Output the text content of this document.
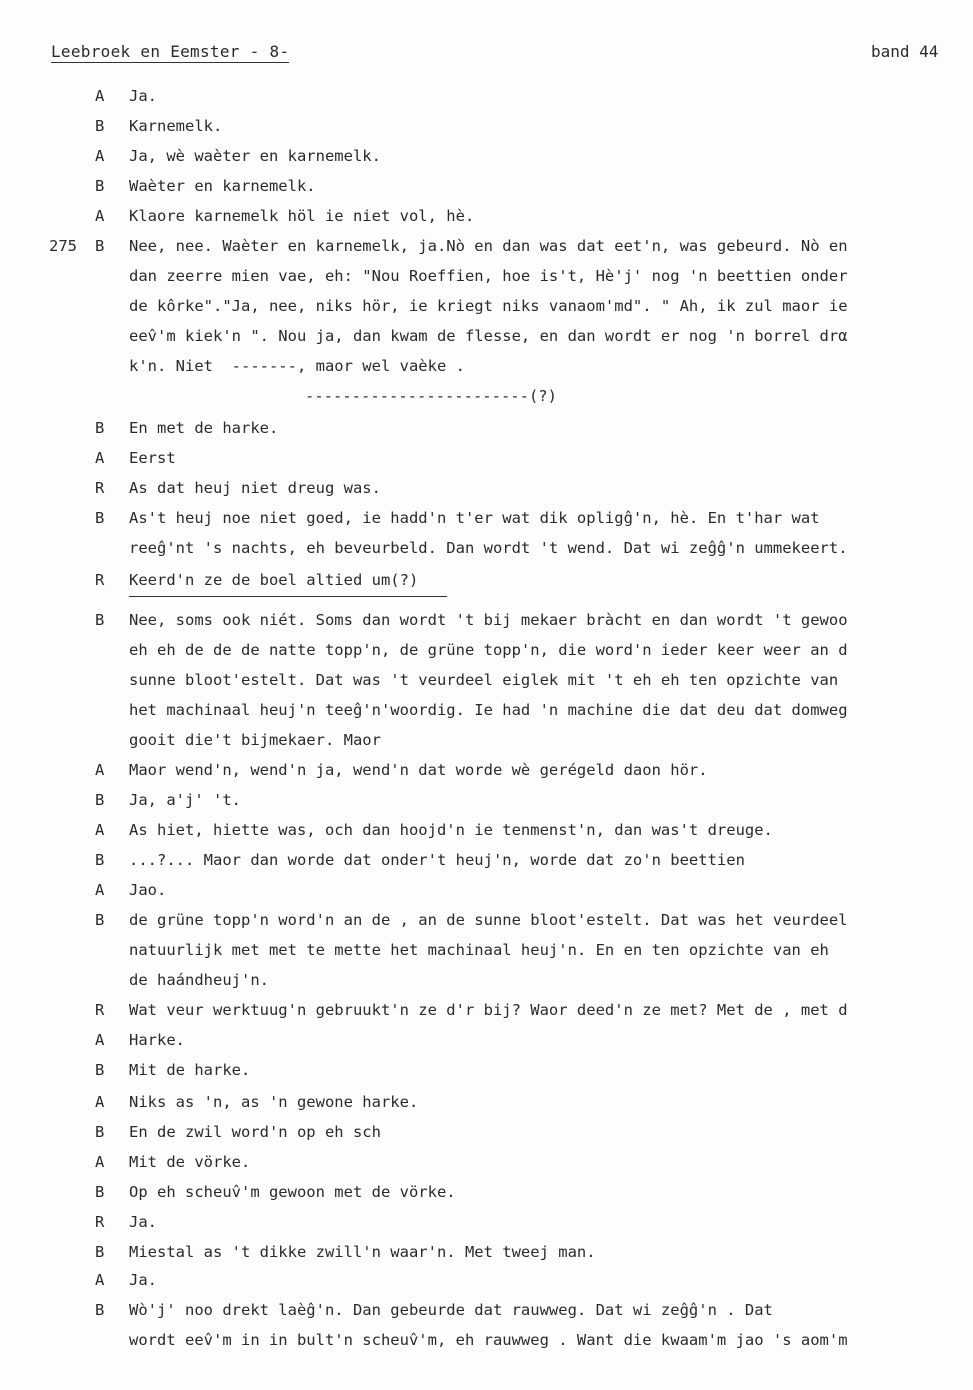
Leebroek en Eemster - 8-	band 44
A Ja.
B Karnemelk.
A Ja, wè waèter en karnemelk.
B Waèter en karnemelk.
A Klaore karnemelk höl ie niet vol, hè.
275 B Nee, nee. Waèter en karnemelk, ja.Nò en dan was dat eet'n, was gebeurd. Nò en
dan zeerre mien vae, eh: "Nou Roeffien, hoe is't, Hè'j' nog 'n beettien onder
de kôrke"."Ja, nee, niks hör, ie kriegt niks vanaom'md". " Ah, ik zul maor ie
eev̂'m kiek'n ". Nou ja, dan kwam de flesse, en dan wordt er nog 'n borrel drα
k'n. Niet  -------, maor wel vaèke .
------------------------(?)
B En met de harke.
A Eerst
R As dat heuj niet dreug was.
B As't heuj noe niet goed, ie hadd'n t'er wat dik opligĝ'n, hè. En t'har wat
reeĝ'nt 's nachts, eh beveurbeld. Dan wordt 't wend. Dat wi zeĝĝ'n ummekeert.
R Keerd'n ze de boel altied um(?)
B Nee, soms ook niét. Soms dan wordt 't bij mekaer bràcht en dan wordt 't gewoo
eh eh de de de natte topp'n, de grüne topp'n, die word'n ieder keer weer an d
sunne bloot'estelt. Dat was 't veurdeel eiglek mit 't eh eh ten opzichte van
het machinaal heuj'n teeĝ'n'woordig. Ie had 'n machine die dat deu dat domweg
gooit die't bijmekaer. Maor
A Maor wend'n, wend'n ja, wend'n dat worde wè gerégeld daon hör.
B Ja, a'j' 't.
A As hiet, hiette was, och dan hoojd'n ie tenmenst'n, dan was't dreuge.
B ...?... Maor dan worde dat onder't heuj'n, worde dat zo'n beettien
A Jao.
B de grüne topp'n word'n an de , an de sunne bloot'estelt. Dat was het veurdeel
natuurlijk met met te mette het machinaal heuj'n. En en ten opzichte van eh
de haándheuj'n.
R Wat veur werktuug'n gebruukt'n ze d'r bij? Waor deed'n ze met? Met de , met d
A Harke.
B Mit de harke.
A Niks as 'n, as 'n gewone harke.
B En de zwil word'n op eh sch
A Mit de vörke.
B Op eh scheuv̂'m gewoon met de vörke.
R Ja.
B Miestal as 't dikke zwill'n waar'n. Met tweej man.
A Ja.
B Wò'j' noo drekt laèĝ'n. Dan gebeurde dat rauwweg. Dat wi zeĝĝ'n . Dat
wordt eev̂'m in in bult'n scheuv̂'m, eh rauwweg . Want die kwaam'm jao 's aom'm
